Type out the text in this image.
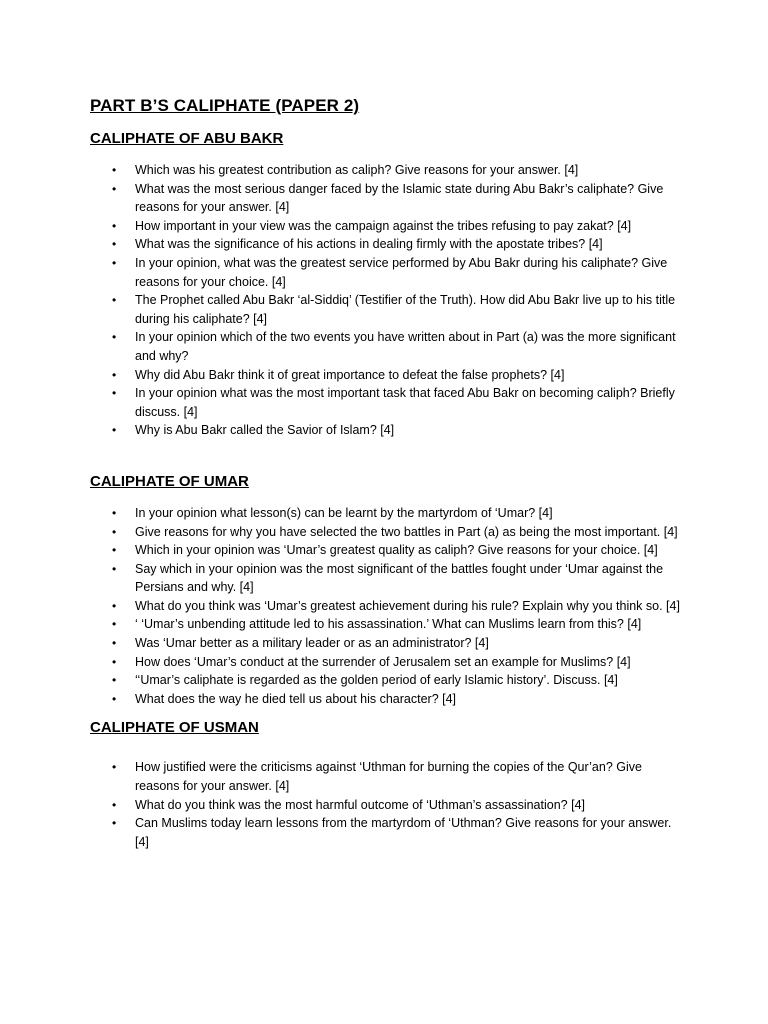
PART B’S CALIPHATE (PAPER 2)
CALIPHATE OF ABU BAKR
• Which was his greatest contribution as caliph? Give reasons for your answer. [4]
• What was the most serious danger faced by the Islamic state during Abu Bakr’s caliphate? Give reasons for your answer. [4]
• How important in your view was the campaign against the tribes refusing to pay zakat? [4]
• What was the significance of his actions in dealing firmly with the apostate tribes? [4]
• In your opinion, what was the greatest service performed by Abu Bakr during his caliphate? Give reasons for your choice. [4]
• The Prophet called Abu Bakr ‘al-Siddiq’ (Testifier of the Truth). How did Abu Bakr live up to his title during his caliphate? [4]
• In your opinion which of the two events you have written about in Part (a) was the more significant and why?
• Why did Abu Bakr think it of great importance to defeat the false prophets? [4]
• In your opinion what was the most important task that faced Abu Bakr on becoming caliph? Briefly discuss. [4]
• Why is Abu Bakr called the Savior of Islam? [4]
CALIPHATE OF UMAR
• In your opinion what lesson(s) can be learnt by the martyrdom of ‘Umar? [4]
• Give reasons for why you have selected the two battles in Part (a) as being the most important. [4]
• Which in your opinion was ‘Umar’s greatest quality as caliph? Give reasons for your choice. [4]
• Say which in your opinion was the most significant of the battles fought under ‘Umar against the Persians and why. [4]
• What do you think was ‘Umar’s greatest achievement during his rule? Explain why you think so. [4]
• ‘ ‘Umar’s unbending attitude led to his assassination.’ What can Muslims learn from this? [4]
• Was ‘Umar better as a military leader or as an administrator? [4]
• How does ‘Umar’s conduct at the surrender of Jerusalem set an example for Muslims? [4]
• ‘‘Umar’s caliphate is regarded as the golden period of early Islamic history’. Discuss. [4]
• What does the way he died tell us about his character? [4]
CALIPHATE OF USMAN
• How justified were the criticisms against ‘Uthman for burning the copies of the Qur’an? Give reasons for your answer. [4]
• What do you think was the most harmful outcome of ‘Uthman’s assassination? [4]
• Can Muslims today learn lessons from the martyrdom of ‘Uthman? Give reasons for your answer. [4]
